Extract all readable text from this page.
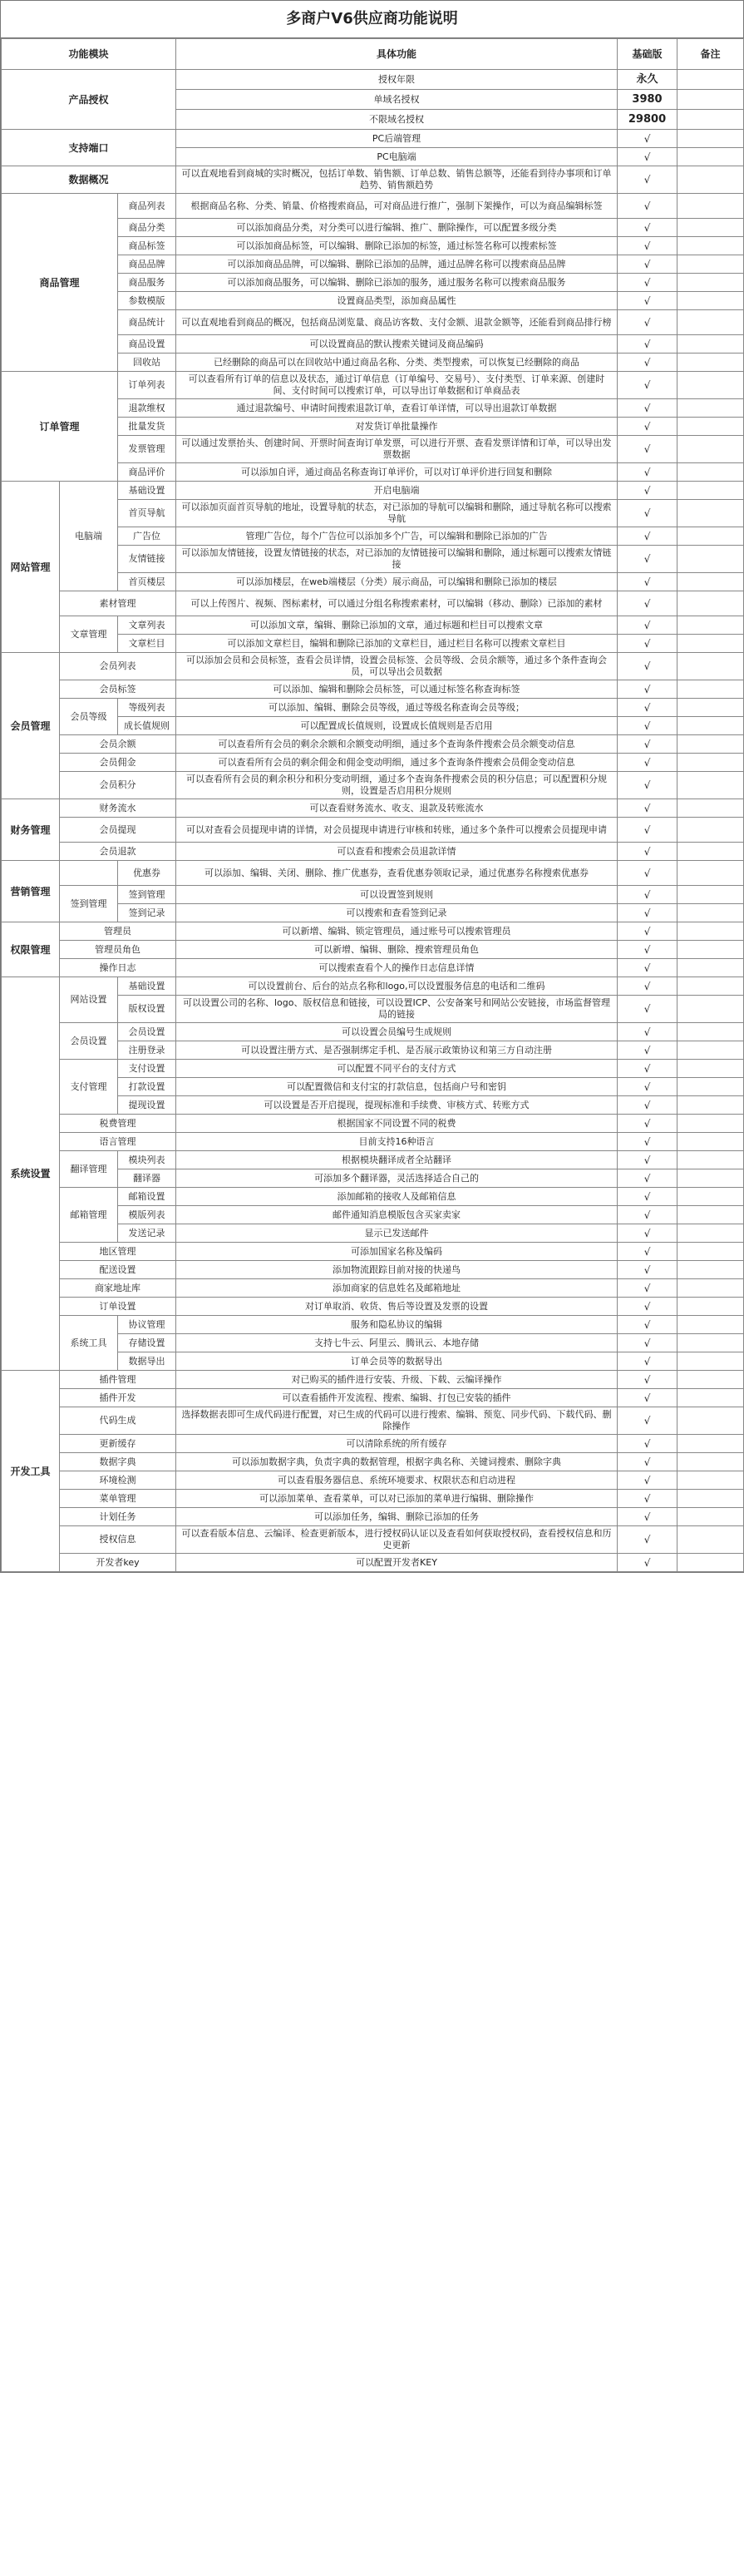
多商户V6供应商功能说明
功能模块			具体功能	基础版	备注
产品授权			授权年限	永久	
			单域名授权	3980	
			不限域名授权	29800	
支持端口			PC后端管理	√	
			PC电脑端	√	
数据概况			可以直观地看到商城的实时概况，包括订单数、销售额、订单总数、销售总额等，还能看到待办事项和订单趋势、销售额趋势	√	
商品管理		商品列表	根据商品名称、分类、销量、价格搜索商品，可对商品进行推广，强制下架操作，可以为商品编辑标签	√	
		商品分类	可以添加商品分类，对分类可以进行编辑、推广、删除操作，可以配置多级分类	√	
		商品标签	可以添加商品标签，可以编辑、删除已添加的标签，通过标签名称可以搜索标签	√	
		商品品牌	可以添加商品品牌，可以编辑、删除已添加的品牌，通过品牌名称可以搜索商品品牌	√	
		商品服务	可以添加商品服务，可以编辑、删除已添加的服务，通过服务名称可以搜索商品服务	√	
		参数模版	设置商品类型，添加商品属性	√	
		商品统计	可以直观地看到商品的概况，包括商品浏览量、商品访客数、支付金额、退款金额等，还能看到商品排行榜	√	
		商品设置	可以设置商品的默认搜索关键词及商品编码	√	
		回收站	已经删除的商品可以在回收站中通过商品名称、分类、类型搜索，可以恢复已经删除的商品	√	
订单管理		订单列表	可以查看所有订单的信息以及状态，通过订单信息（订单编号、交易号）、支付类型、订单来源、创建时间、支付时间可以搜索订单，可以导出订单数据和订单商品表	√	
		退款维权	通过退款编号、申请时间搜索退款订单，查看订单详情，可以导出退款订单数据	√	
		批量发货	对发货订单批量操作	√	
		发票管理	可以通过发票抬头、创建时间、开票时间查询订单发票，可以进行开票、查看发票详情和订单，可以导出发票数据	√	
		商品评价	可以添加自评，通过商品名称查询订单评价，可以对订单评价进行回复和删除	√	
网站管理	电脑端	基础设置	开启电脑端	√	
		首页导航	可以添加页面首页导航的地址，设置导航的状态，对已添加的导航可以编辑和删除，通过导航名称可以搜索导航	√	
		广告位	管理广告位，每个广告位可以添加多个广告，可以编辑和删除已添加的广告	√	
		友情链接	可以添加友情链接，设置友情链接的状态，对已添加的友情链接可以编辑和删除，通过标题可以搜索友情链接	√	
		首页楼层	可以添加楼层，在web端楼层（分类）展示商品，可以编辑和删除已添加的楼层	√	
	素材管理		可以上传图片、视频、图标素材，可以通过分组名称搜索素材，可以编辑（移动、删除）已添加的素材	√	
	文章管理	文章列表	可以添加文章，编辑、删除已添加的文章，通过标题和栏目可以搜索文章	√	
		文章栏目	可以添加文章栏目，编辑和删除已添加的文章栏目，通过栏目名称可以搜索文章栏目	√	
会员管理	会员列表		可以添加会员和会员标签，查看会员详情，设置会员标签、会员等级、会员余额等，通过多个条件查询会员，可以导出会员数据	√	
	会员标签		可以添加、编辑和删除会员标签，可以通过标签名称查询标签	√	
	会员等级	等级列表	可以添加、编辑、删除会员等级，通过等级名称查询会员等级；	√	
		成长值规则	可以配置成长值规则，设置成长值规则是否启用	√	
	会员余额		可以查看所有会员的剩余余额和余额变动明细，通过多个查询条件搜索会员余额变动信息	√	
	会员佣金		可以查看所有会员的剩余佣金和佣金变动明细，通过多个查询条件搜索会员佣金变动信息	√	
	会员积分		可以查看所有会员的剩余积分和积分变动明细，通过多个查询条件搜索会员的积分信息；可以配置积分规则，设置是否启用积分规则	√	
财务管理	财务流水		可以查看财务流水、收支、退款及转账流水	√	
	会员提现		可以对查看会员提现申请的详情，对会员提现申请进行审核和转账，通过多个条件可以搜索会员提现申请	√	
	会员退款		可以查看和搜索会员退款详情	√	
营销管理		优惠券	可以添加、编辑、关闭、删除、推广优惠券，查看优惠券领取记录，通过优惠券名称搜索优惠券	√	
	签到管理	签到管理	可以设置签到规则	√	
		签到记录	可以搜索和查看签到记录	√	
权限管理	管理员		可以新增、编辑、锁定管理员，通过账号可以搜索管理员	√	
	管理员角色		可以新增、编辑、删除、搜索管理员角色	√	
	操作日志		可以搜索查看个人的操作日志信息详情	√	
系统设置	网站设置	基础设置	可以设置前台、后台的站点名称和logo,可以设置服务信息的电话和二维码	√	
		版权设置	可以设置公司的名称、logo、版权信息和链接，可以设置ICP、公安备案号和网站公安链接，市场监督管理局的链接	√	
	会员设置	会员设置	可以设置会员编号生成规则	√	
		注册登录	可以设置注册方式、是否强制绑定手机、是否展示政策协议和第三方自动注册	√	
	支付管理	支付设置	可以配置不同平台的支付方式	√	
		打款设置	可以配置微信和支付宝的打款信息，包括商户号和密钥	√	
		提现设置	可以设置是否开启提现，提现标准和手续费、审核方式、转账方式	√	
	税费管理		根据国家不同设置不同的税费	√	
	语言管理		目前支持16种语言	√	
	翻译管理	模块列表	根据模块翻译成者全站翻译	√	
		翻译器	可添加多个翻译器，灵活选择适合自己的	√	
	邮箱管理	邮箱设置	添加邮箱的接收人及邮箱信息	√	
		模版列表	邮件通知消息模版包含买家卖家	√	
		发送记录	显示已发送邮件	√	
	地区管理		可添加国家名称及编码	√	
	配送设置		添加物流跟踪目前对接的快递鸟	√	
	商家地址库		添加商家的信息姓名及邮箱地址	√	
	订单设置		对订单取消、收货、售后等设置及发票的设置	√	
	系统工具	协议管理	服务和隐私协议的编辑	√	
		存储设置	支持七牛云、阿里云、腾讯云、本地存储	√	
		数据导出	订单会员等的数据导出	√	
开发工具	插件管理		对已购买的插件进行安装、升级、下载、云编译操作	√	
	插件开发		可以查看插件开发流程、搜索、编辑、打包已安装的插件	√	
	代码生成		选择数据表即可生成代码进行配置，对已生成的代码可以进行搜索、编辑、预览、同步代码、下载代码、删除操作	√	
	更新缓存		可以清除系统的所有缓存	√	
	数据字典		可以添加数据字典，负责字典的数据管理，根据字典名称、关键词搜索、删除字典	√	
	环境检测		可以查看服务器信息、系统环境要求、权限状态和启动进程	√	
	菜单管理		可以添加菜单、查看菜单，可以对已添加的菜单进行编辑、删除操作	√	
	计划任务		可以添加任务，编辑、删除已添加的任务	√	
	授权信息		可以查看版本信息、云编译、检查更新版本，进行授权码认证以及查看如何获取授权码，查看授权信息和历史更新	√	
	开发者key		可以配置开发者KEY	√	
